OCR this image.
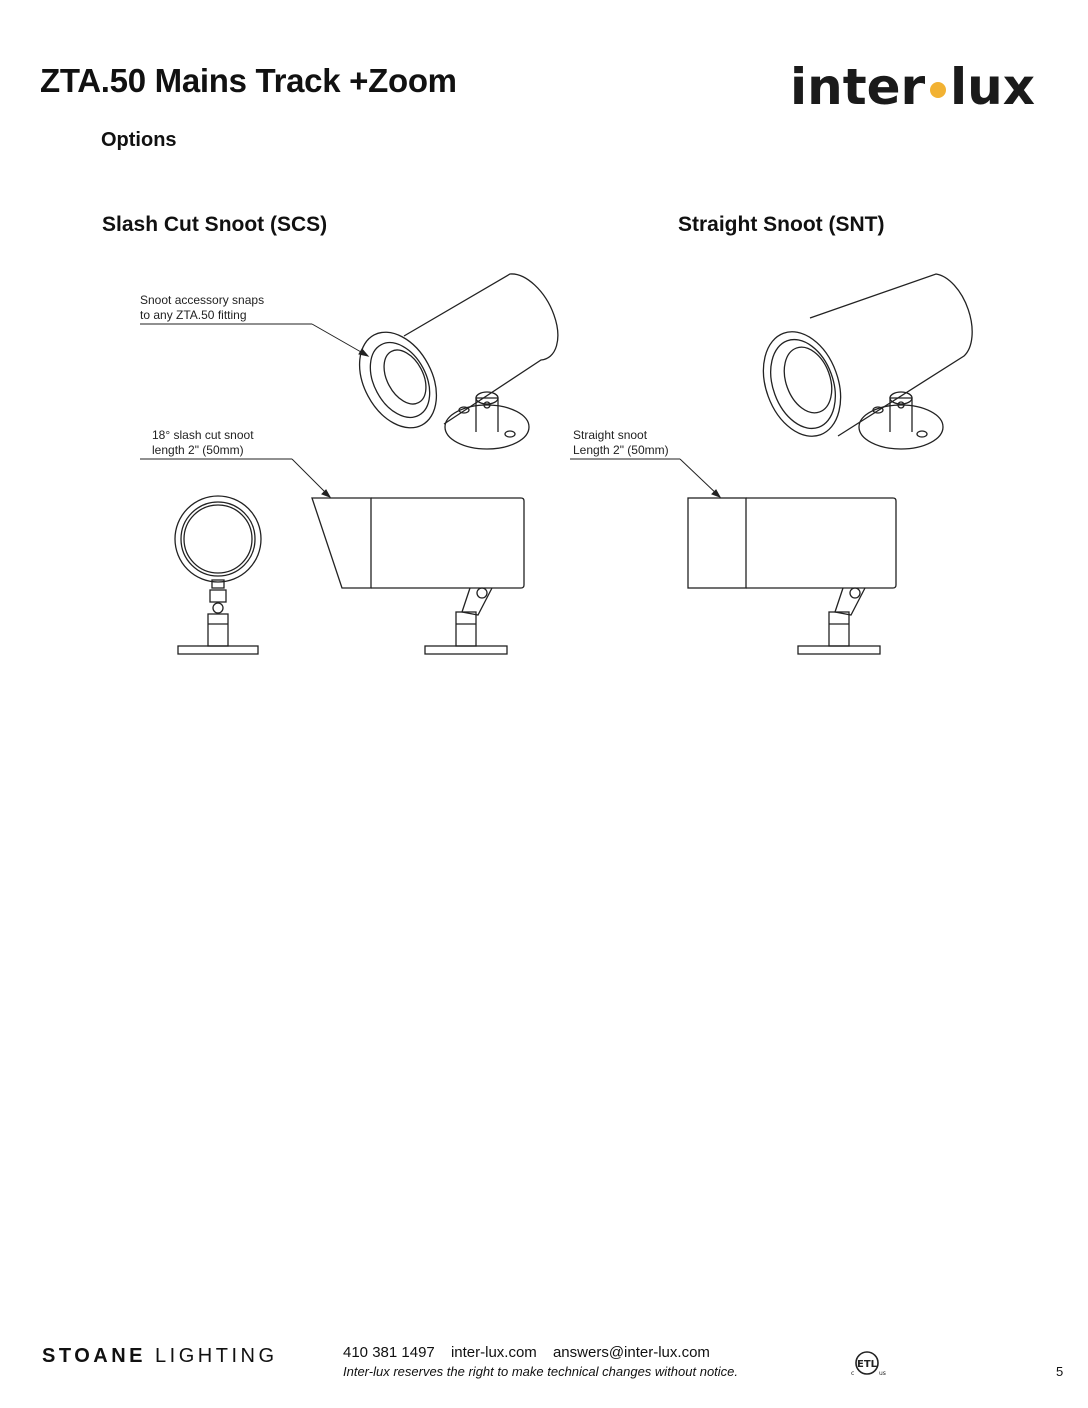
ZTA.50 Mains Track +Zoom	inter lux
Options
Slash Cut Snoot (SCS)	Straight Snoot (SNT)
Snoot accessory snaps
to any ZTA.50 fitting
18° slash cut snoot
length 2" (50mm)
Straight snoot
Length 2" (50mm)
STOANE LIGHTING	410 381 1497 inter-lux.com answers@inter-lux.com
Inter-lux reserves the right to make technical changes without notice.	ETL
c	us	5
